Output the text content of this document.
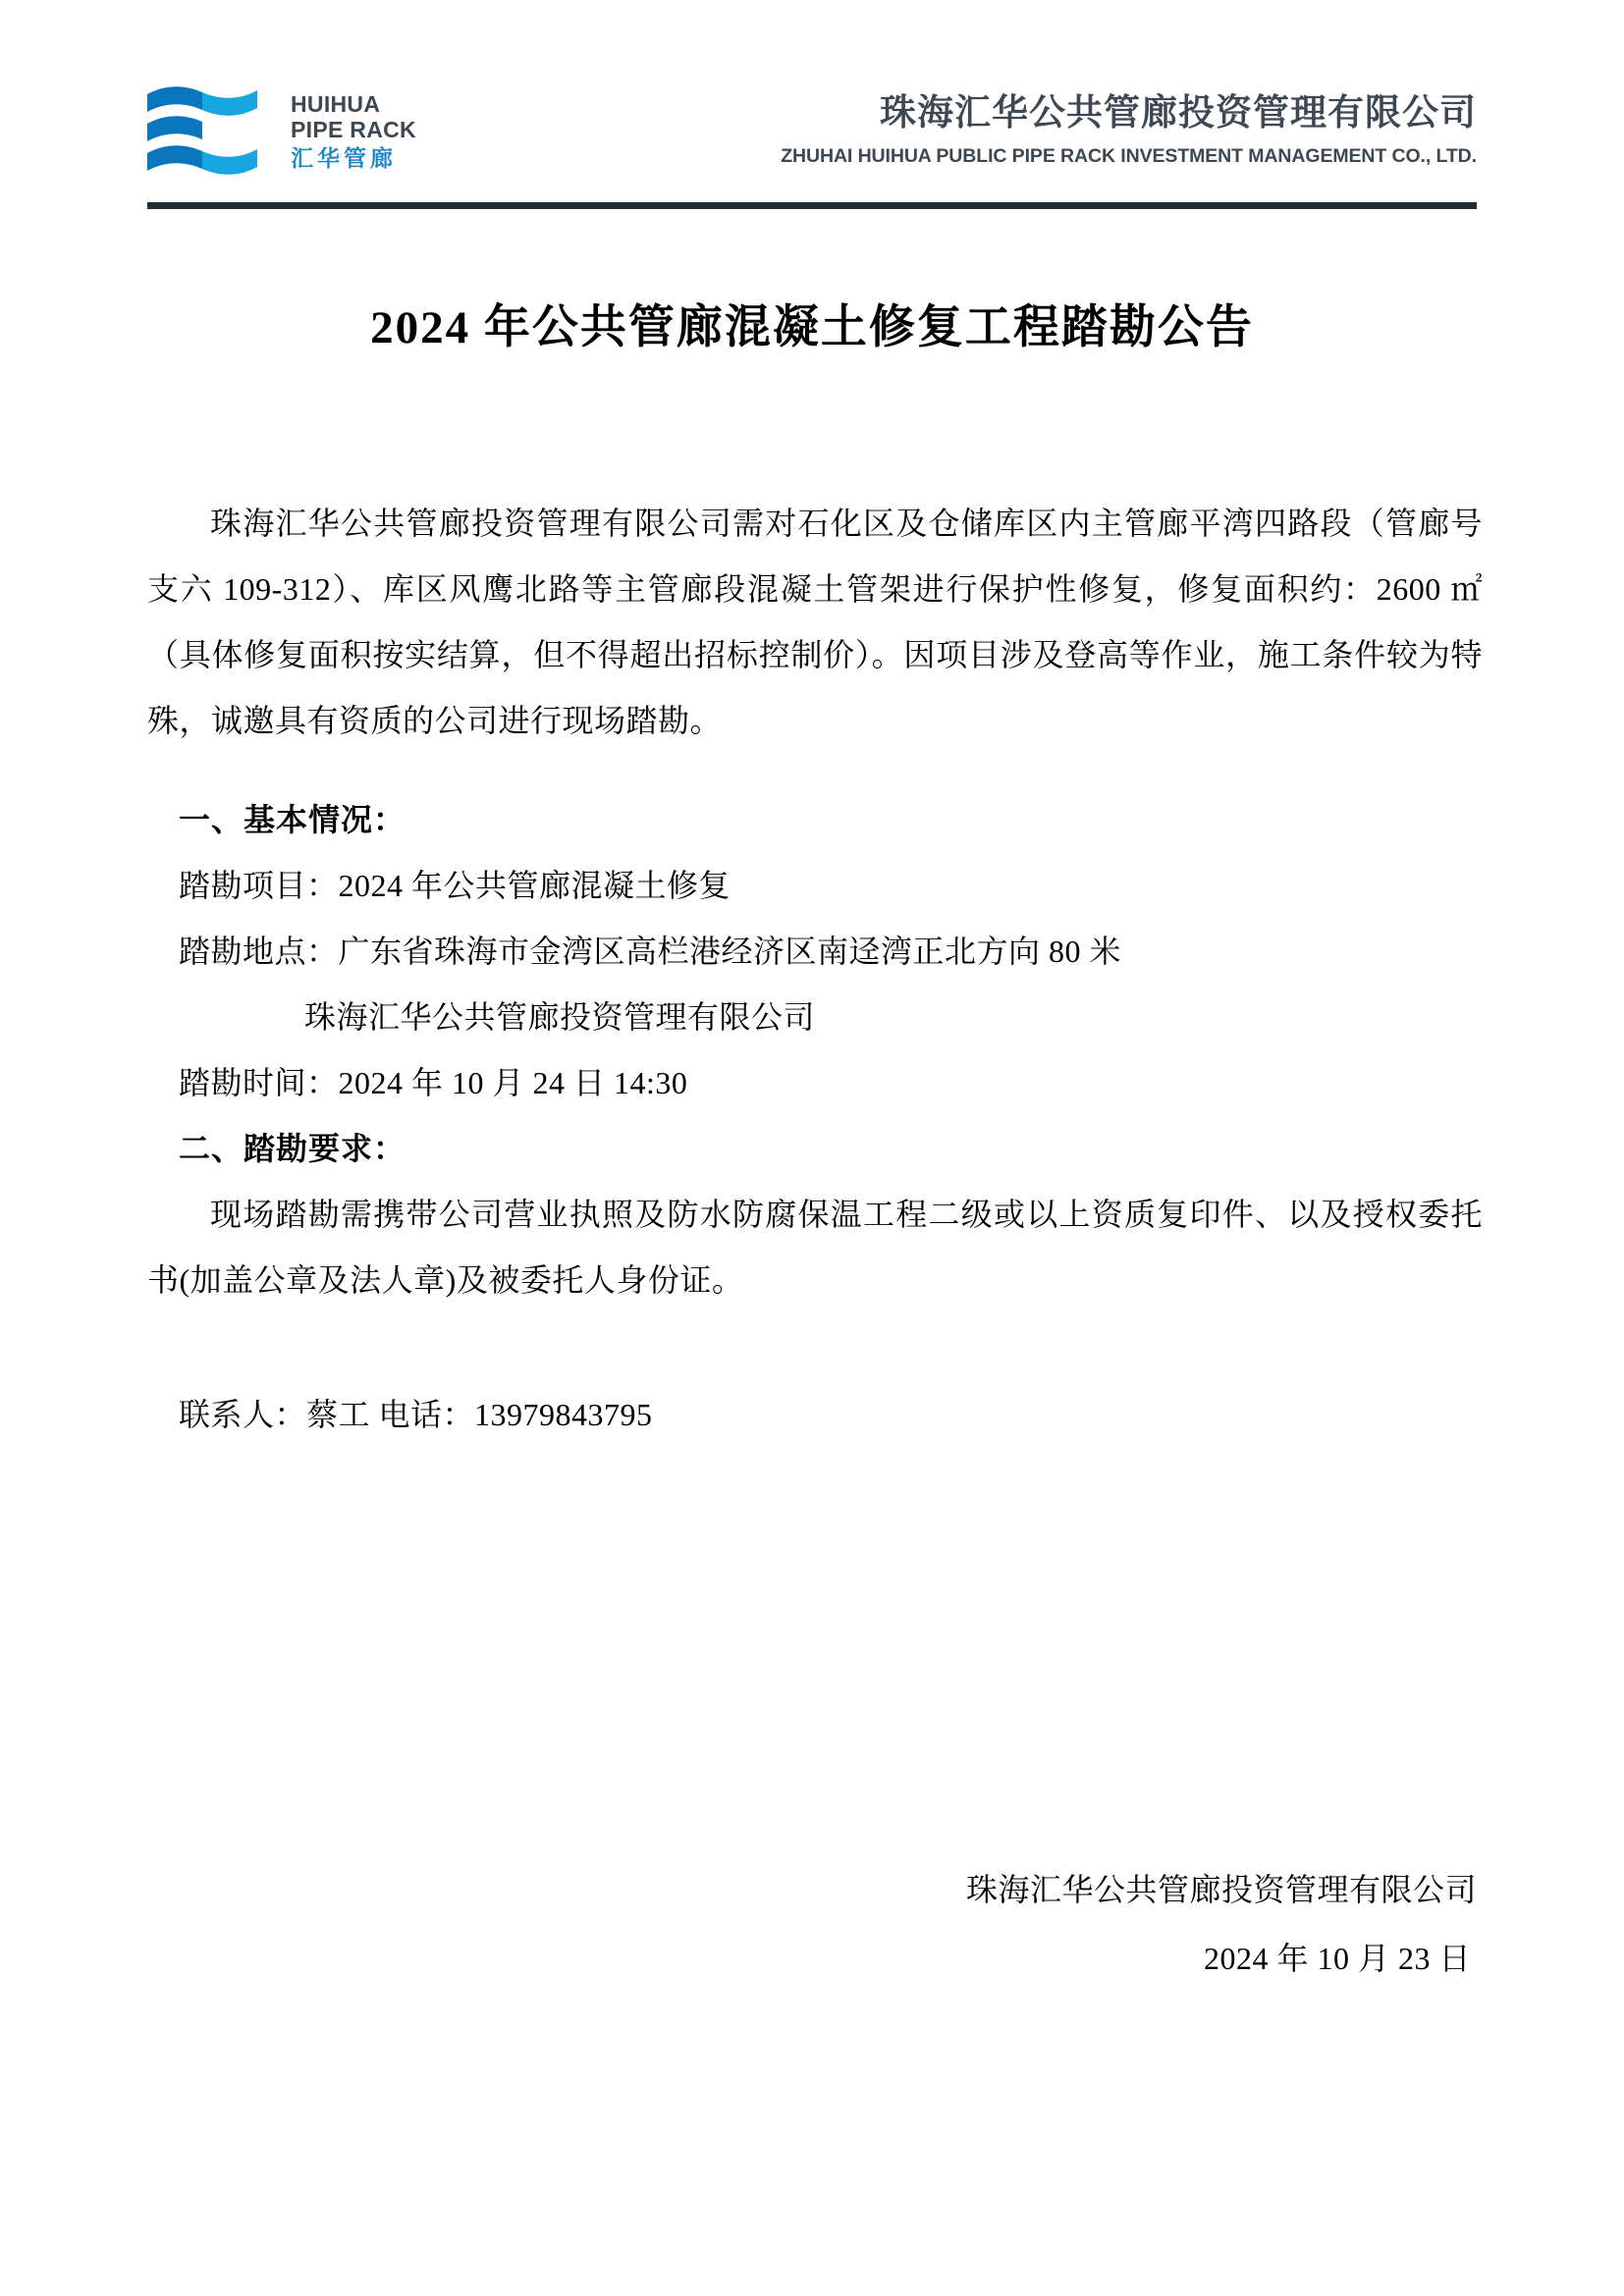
HUIHUA
PIPE RACK
汇华管廊
珠海汇华公共管廊投资管理有限公司
ZHUHAI HUIHUA PUBLIC PIPE RACK INVESTMENT MANAGEMENT CO., LTD.
2024 年公共管廊混凝土修复工程踏勘公告

珠海汇华公共管廊投资管理有限公司需对石化区及仓储库区内主管廊平湾四路段（管廊号支六 109-312）、库区风鹰北路等主管廊段混凝土管架进行保护性修复，修复面积约：2600 ㎡（具体修复面积按实结算，但不得超出招标控制价）。因项目涉及登高等作业，施工条件较为特殊，诚邀具有资质的公司进行现场踏勘。

一、基本情况：

踏勘项目：2024 年公共管廊混凝土修复

踏勘地点：广东省珠海市金湾区高栏港经济区南迳湾正北方向 80 米

珠海汇华公共管廊投资管理有限公司

踏勘时间：2024 年 10 月 24 日 14:30

二、踏勘要求：

现场踏勘需携带公司营业执照及防水防腐保温工程二级或以上资质复印件、以及授权委托书(加盖公章及法人章)及被委托人身份证。

联系人：蔡工 电话：13979843795

珠海汇华公共管廊投资管理有限公司
2024 年 10 月 23 日
